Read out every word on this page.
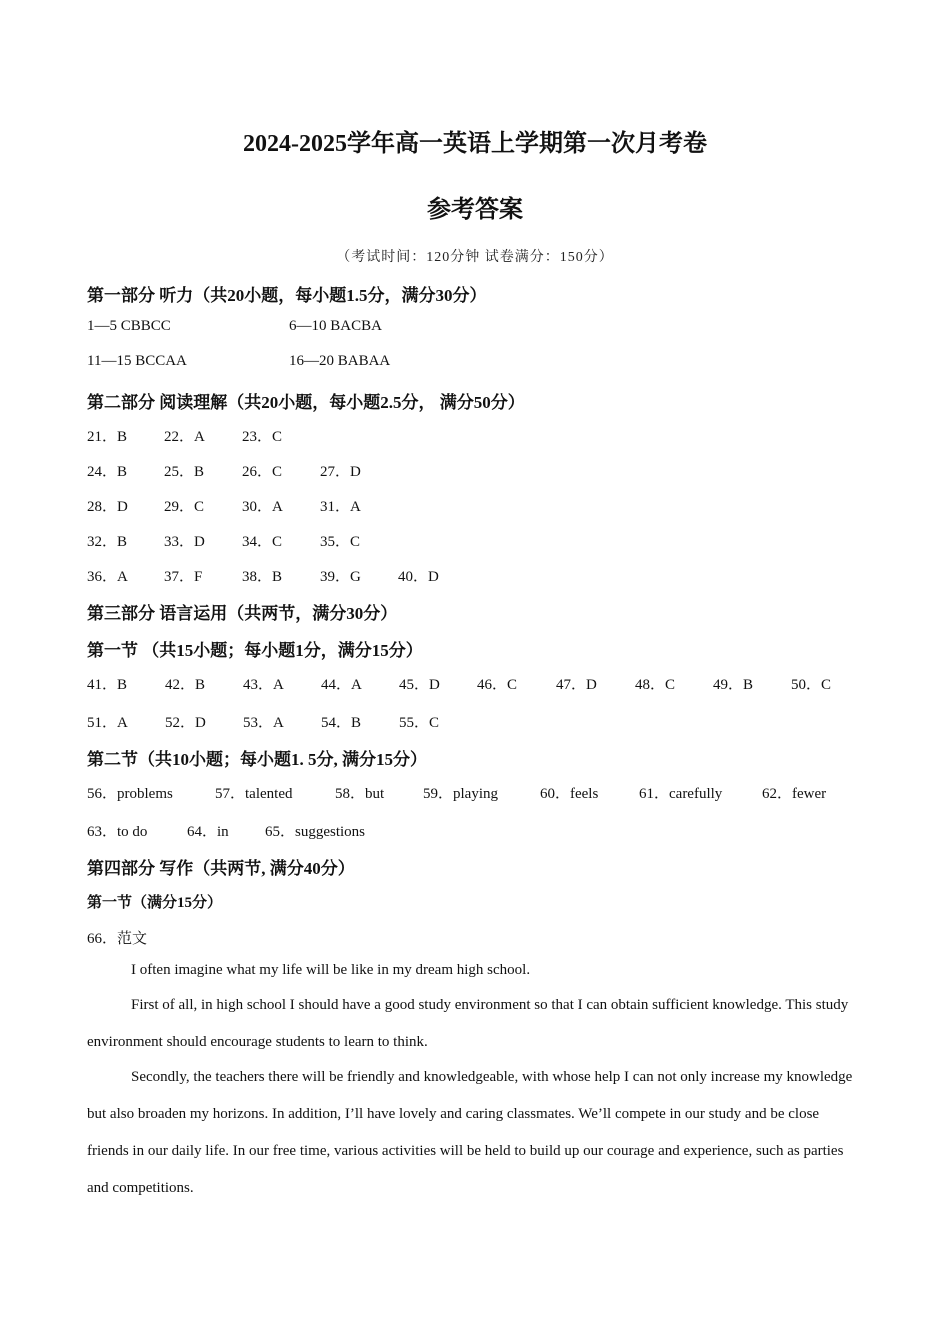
2024-2025学年高一英语上学期第一次月考卷
参考答案
（考试时间：120分钟 试卷满分：150分）
第一部分 听力（共20小题，每小题1.5分，满分30分）
1—5 CBBCC	6—10 BACBA
11—15 BCCAA	16—20 BABAA
第二部分 阅读理解（共20小题，每小题2.5分， 满分50分）
21．B 22．A 23．C
24．B 25．B	26．C	27．D
28．D 29．C	30．A 31．A
32．B 33．D 34．C	35．C
36．A 37．F	38．B	39．G 40．D
第三部分 语言运用（共两节，满分30分）
第一节 （共15小题；每小题1分，满分15分）
41．B	42．B	43．A 44．A 45．D 46．C	47．D	48．C	49．B	50．C
51．A 52．D 53．A 54．B	55．C
第二节（共10小题；每小题1. 5分, 满分15分）
56．problems	57．talented	58．but	59．playing	60．feels	61．carefully	62．fewer
63．to do	64．in 65．suggestions
第四部分 写作（共两节, 满分40分）
第一节（满分15分）
66．范文
I often imagine what my life will be like in my dream high school.
First of all, in high school I should have a good study environment so that I can obtain sufficient knowledge. This study environment should encourage students to learn to think.
Secondly, the teachers there will be friendly and knowledgeable, with whose help I can not only increase my knowledge but also broaden my horizons. In addition, I’ll have lovely and caring classmates. We’ll compete in our study and be close friends in our daily life. In our free time, various activities will be held to build up our courage and experience, such as parties and competitions.
